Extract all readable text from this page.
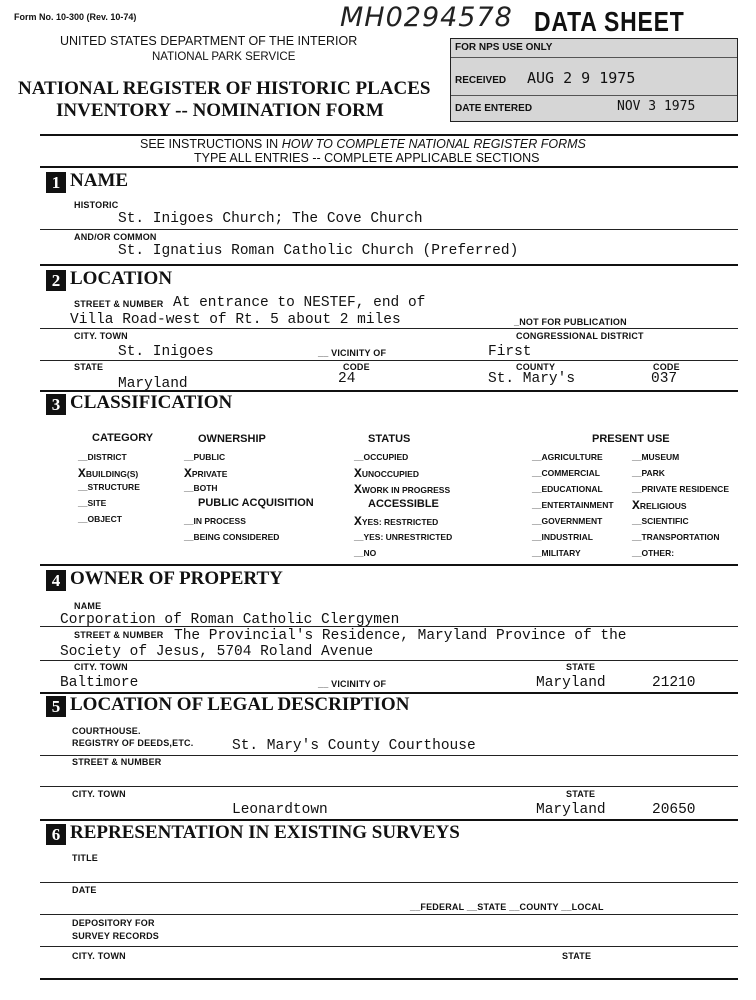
Form No. 10-300 (Rev. 10-74)	MH0294578 DATA SHEET
UNITED STATES DEPARTMENT OF THE INTERIOR
NATIONAL PARK SERVICE
NATIONAL REGISTER OF HISTORIC PLACES
INVENTORY -- NOMINATION FORM
FOR NPS USE ONLY
RECEIVED AUG 2 9 1975
DATE ENTERED	NOV 3 1975
SEE INSTRUCTIONS IN HOW TO COMPLETE NATIONAL REGISTER FORMS
TYPE ALL ENTRIES -- COMPLETE APPLICABLE SECTIONS
1 NAME
HISTORIC
St. Inigoes Church; The Cove Church
AND/OR COMMON
St. Ignatius Roman Catholic Church (Preferred)
2 LOCATION
STREET & NUMBER At entrance to NESTEF, end of
Villa Road-west of Rt. 5 about 2 miles	_NOT FOR PUBLICATION
CITY. TOWN	CONGRESSIONAL DISTRICT
St. Inigoes	__ VICINITY OF	First
STATE	CODE	COUNTY	CODE
Maryland	24	St. Mary's	037
3 CLASSIFICATION
CATEGORY	OWNERSHIP	STATUS	PRESENT USE
__DISTRICT
XBUILDING(S)
__STRUCTURE
__SITE
__OBJECT
__PUBLIC
XPRIVATE
__BOTH
PUBLIC ACQUISITION
__IN PROCESS
__BEING CONSIDERED
__OCCUPIED
XUNOCCUPIED
XWORK IN PROGRESS
ACCESSIBLE
XYES: RESTRICTED
__YES: UNRESTRICTED
__NO
__AGRICULTURE
__COMMERCIAL
__EDUCATIONAL
__ENTERTAINMENT
__GOVERNMENT
__INDUSTRIAL
__MILITARY
__MUSEUM
__PARK
__PRIVATE RESIDENCE
XRELIGIOUS
__SCIENTIFIC
__TRANSPORTATION
__OTHER:
4 OWNER OF PROPERTY
NAME
Corporation of Roman Catholic Clergymen
STREET & NUMBER The Provincial's Residence, Maryland Province of the
Society of Jesus, 5704 Roland Avenue
CITY. TOWN	STATE
Baltimore	__ VICINITY OF	Maryland	21210
5 LOCATION OF LEGAL DESCRIPTION
COURTHOUSE.
REGISTRY OF DEEDS,ETC.	St. Mary's County Courthouse
STREET & NUMBER
CITY. TOWN	STATE
Leonardtown	Maryland	20650
6 REPRESENTATION IN EXISTING SURVEYS
TITLE
DATE
__FEDERAL __STATE __COUNTY __LOCAL
DEPOSITORY FOR
SURVEY RECORDS
CITY. TOWN	STATE
